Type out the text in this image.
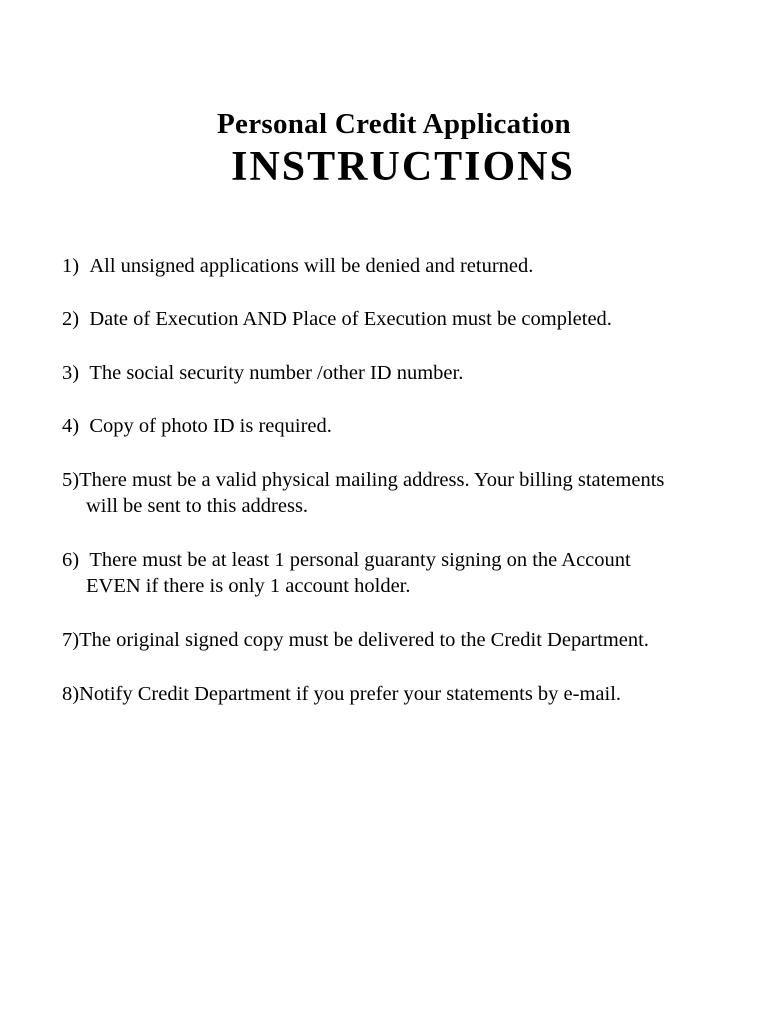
Personal Credit Application
INSTRUCTIONS
1) All unsigned applications will be denied and returned.
2) Date of Execution AND Place of Execution must be completed.
3) The social security number /other ID number.
4) Copy of photo ID is required.
5)There must be a valid physical mailing address. Your billing statements
will be sent to this address.
6) There must be at least 1 personal guaranty signing on the Account
EVEN if there is only 1 account holder.
7)The original signed copy must be delivered to the Credit Department.
8)Notify Credit Department if you prefer your statements by e-mail.
